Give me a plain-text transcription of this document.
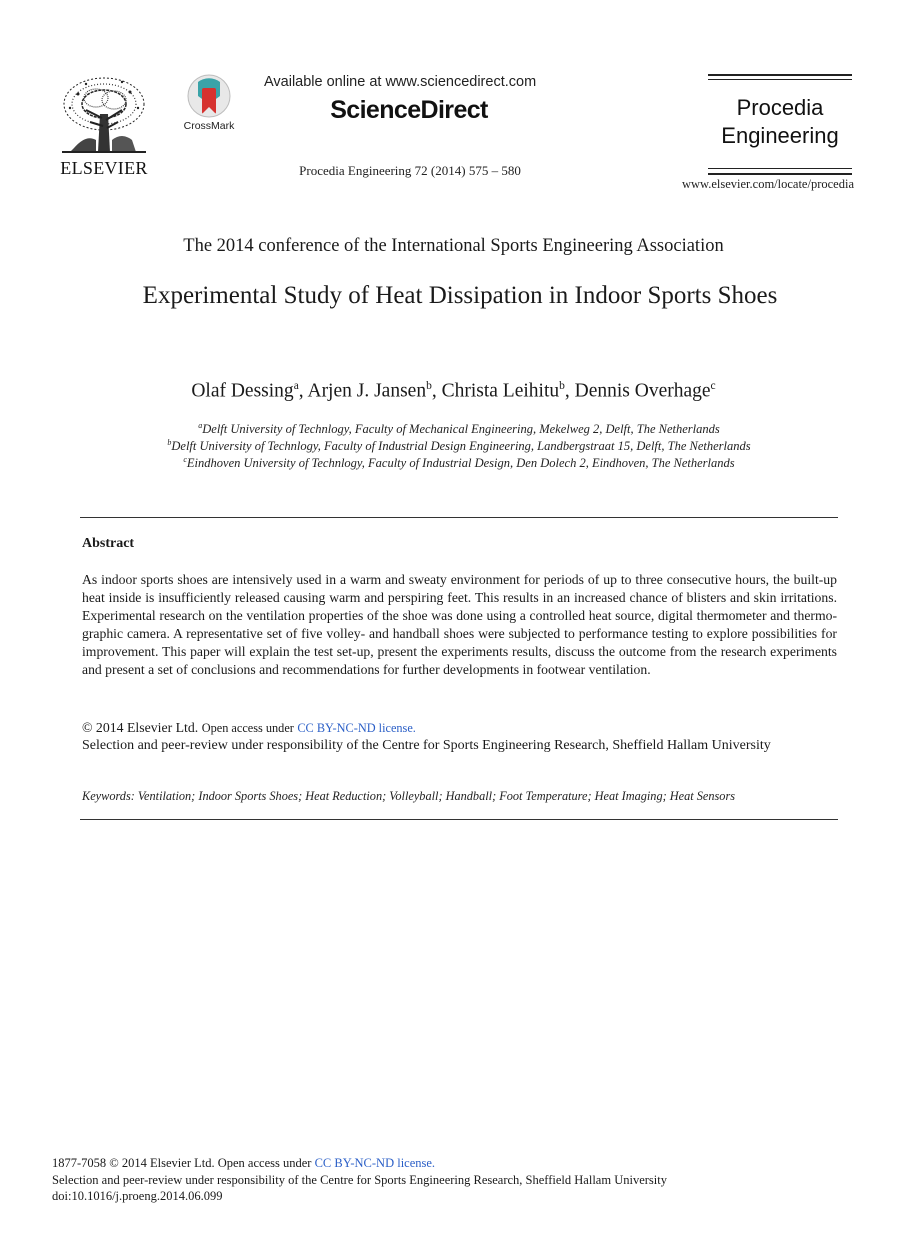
ELSEVIER
CrossMark
Available online at www.sciencedirect.com
ScienceDirect
Procedia Engineering 72 (2014) 575 – 580
Procedia
Engineering
www.elsevier.com/locate/procedia
The 2014 conference of the International Sports Engineering Association
Experimental Study of Heat Dissipation in Indoor Sports Shoes
Olaf Dessing$^a$, Arjen J. Jansen$^b$, Christa Leihitu$^b$, Dennis Overhage$^c$
$^a$Delft University of Technlogy, Faculty of Mechanical Engineering, Mekelweg 2, Delft, The Netherlands
$^b$Delft University of Technlogy, Faculty of Industrial Design Engineering, Landbergstraat 15, Delft, The Netherlands
$^c$Eindhoven University of Technlogy, Faculty of Industrial Design, Den Dolech 2, Eindhoven, The Netherlands
Abstract
As indoor sports shoes are intensively used in a warm and sweaty environment for periods of up to three consecutive hours, the built-up heat inside is insufficiently released causing warm and perspiring feet. This results in an increased chance of blisters and skin irritations. Experimental research on the ventilation properties of the shoe was done using a controlled heat source, digital thermometer and thermo-graphic camera. A representative set of five volley- and handball shoes were subjected to performance testing to explore possibilities for improvement. This paper will explain the test set-up, present the experiments results, discuss the outcome from the research experiments and present a set of conclusions and recommendations for further developments in footwear ventilation.
© 2014 Elsevier Ltd. Open access under CC BY-NC-ND license.
Selection and peer-review under responsibility of the Centre for Sports Engineering Research, Sheffield Hallam University
Keywords: Ventilation; Indoor Sports Shoes; Heat Reduction; Volleyball; Handball; Foot Temperature; Heat Imaging; Heat Sensors
1877-7058 © 2014 Elsevier Ltd. Open access under CC BY-NC-ND license.
Selection and peer-review under responsibility of the Centre for Sports Engineering Research, Sheffield Hallam University
doi:10.1016/j.proeng.2014.06.099
